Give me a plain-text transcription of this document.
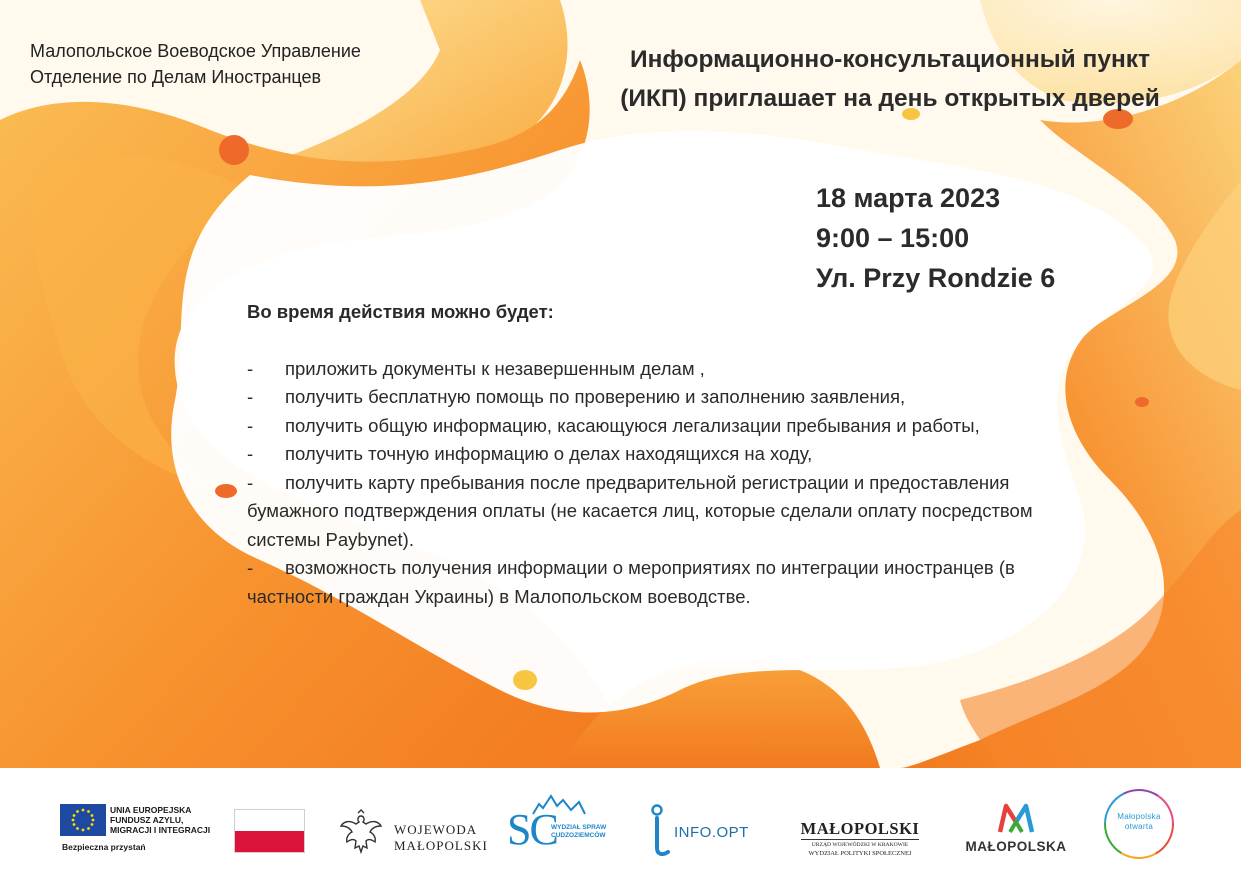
Малопольское Воеводское Управление
Отделение по Делам Иностранцев
Информационно-консультационный пункт
(ИКП) приглашает на день открытых дверей
18 марта 2023
9:00 – 15:00
Ул. Przy Rondzie 6
Во время действия можно будет:
- приложить документы к незавершенным делам ,
- получить бесплатную помощь по проверению и заполнению заявления,
- получить общую информацию, касающуюся легализации пребывания и работы,
- получить точную информацию о делах находящихся на ходу,
- получить карту пребывания после предварительной регистрации и предоставления бумажного подтверждения оплаты (не касается лиц, которые сделали оплату посредством системы Paybynet).
- возможность получения информации о мероприятиях по интеграции иностранцев (в частности граждан Украины) в Малопольском воеводстве.
UNIA EUROPEJSKA
FUNDUSZ AZYLU,
MIGRACJI I INTEGRACJI
Bezpieczna przystań
WOJEWODA
MAŁOPOLSKI SC
WYDZIAŁ SPRAW
CUDZOZIEMCÓW	INFO.OPT	MAŁOPOLSKI
URZĄD WOJEWÓDZKI W KRAKOWIE
WYDZIAŁ POLITYKI SPOŁECZNEJ	MAŁOPOLSKA
Małopolska
otwarta
